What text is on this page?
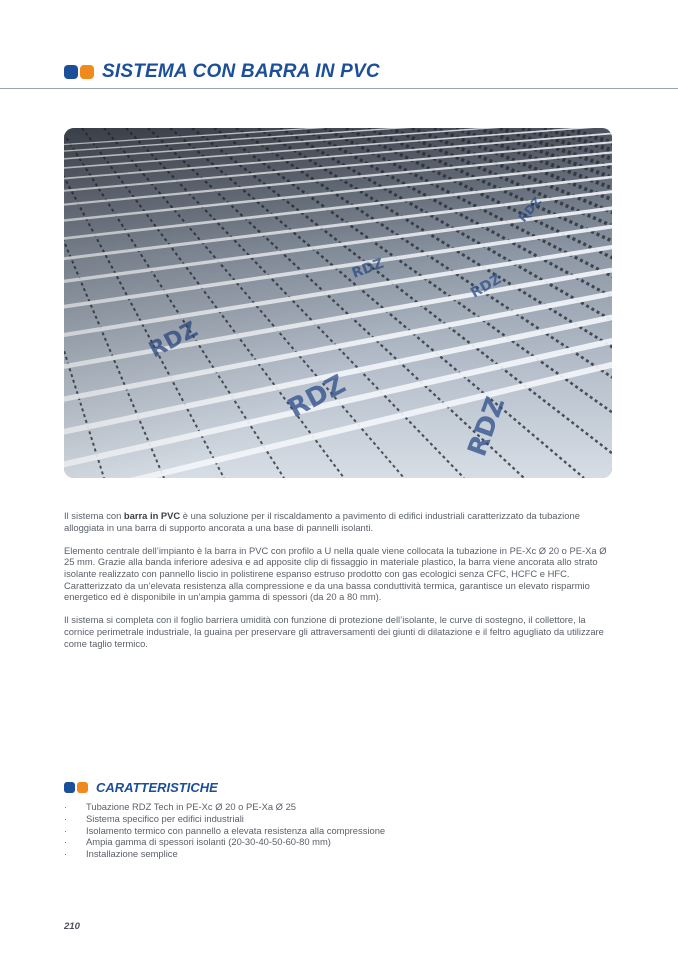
SISTEMA CON BARRA IN PVC

Il sistema con barra in PVC è una soluzione per il riscaldamento a pavimento di edifici industriali caratterizzato da tubazione alloggiata in una barra di supporto ancorata a una base di pannelli isolanti.

Elemento centrale dell’impianto è la barra in PVC con profilo a U nella quale viene collocata la tubazione in PE-Xc Ø 20 o PE-Xa Ø 25 mm. Grazie alla banda inferiore adesiva e ad apposite clip di fissaggio in materiale plastico, la barra viene ancorata allo strato isolante realizzato con pannello liscio in polistirene espanso estruso prodotto con gas ecologici senza CFC, HCFC e HFC. Caratterizzato da un’elevata resistenza alla compressione e da una bassa conduttività termica, garantisce un elevato risparmio energetico ed è disponibile in un’ampia gamma di spessori (da 20 a 80 mm).

Il sistema si completa con il foglio barriera umidità con funzione di protezione dell’isolante, le curve di sostegno, il collettore, la cornice perimetrale industriale, la guaina per preservare gli attraversamenti dei giunti di dilatazione e il feltro agugliato da utilizzare come taglio termico.

CARATTERISTICHE
· Tubazione RDZ Tech in PE-Xc Ø 20 o PE-Xa Ø 25
· Sistema specifico per edifici industriali
· Isolamento termico con pannello a elevata resistenza alla compressione
· Ampia gamma di spessori isolanti (20-30-40-50-60-80 mm)
· Installazione semplice
210
